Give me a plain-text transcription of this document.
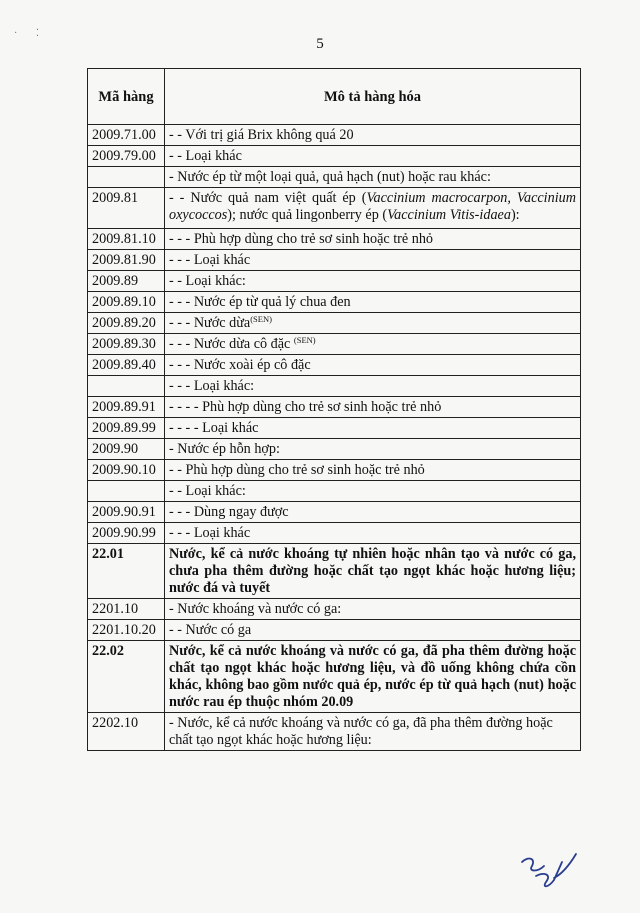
· ⁚
5
Mã hàng	Mô tả hàng hóa
2009.71.00	- - Với trị giá Brix không quá 20
2009.79.00	- - Loại khác
	- Nước ép từ một loại quả, quả hạch (nut) hoặc rau khác:
2009.81	- - Nước quả nam việt quất ép (Vaccinium macrocarpon, Vaccinium oxycoccos); nước quả lingonberry ép (Vaccinium Vitis-idaea):
2009.81.10	- - - Phù hợp dùng cho trẻ sơ sinh hoặc trẻ nhỏ
2009.81.90	- - - Loại khác
2009.89	- - Loại khác:
2009.89.10	- - - Nước ép từ quả lý chua đen
2009.89.20	- - - Nước dừa$^{(SEN)}$
2009.89.30	- - - Nước dừa cô đặc $^{(SEN)}$
2009.89.40	- - - Nước xoài ép cô đặc
	- - - Loại khác:
2009.89.91	- - - - Phù hợp dùng cho trẻ sơ sinh hoặc trẻ nhỏ
2009.89.99	- - - - Loại khác
2009.90	- Nước ép hỗn hợp:
2009.90.10	- - Phù hợp dùng cho trẻ sơ sinh hoặc trẻ nhỏ
	- - Loại khác:
2009.90.91	- - - Dùng ngay được
2009.90.99	- - - Loại khác
22.01	Nước, kể cả nước khoáng tự nhiên hoặc nhân tạo và nước có ga, chưa pha thêm đường hoặc chất tạo ngọt khác hoặc hương liệu; nước đá và tuyết
2201.10	- Nước khoáng và nước có ga:
2201.10.20	- - Nước có ga
22.02	Nước, kể cả nước khoáng và nước có ga, đã pha thêm đường hoặc chất tạo ngọt khác hoặc hương liệu, và đồ uống không chứa cồn khác, không bao gồm nước quả ép, nước ép từ quả hạch (nut) hoặc nước rau ép thuộc nhóm 20.09
2202.10	- Nước, kể cả nước khoáng và nước có ga, đã pha thêm đường hoặc chất tạo ngọt khác hoặc hương liệu:
